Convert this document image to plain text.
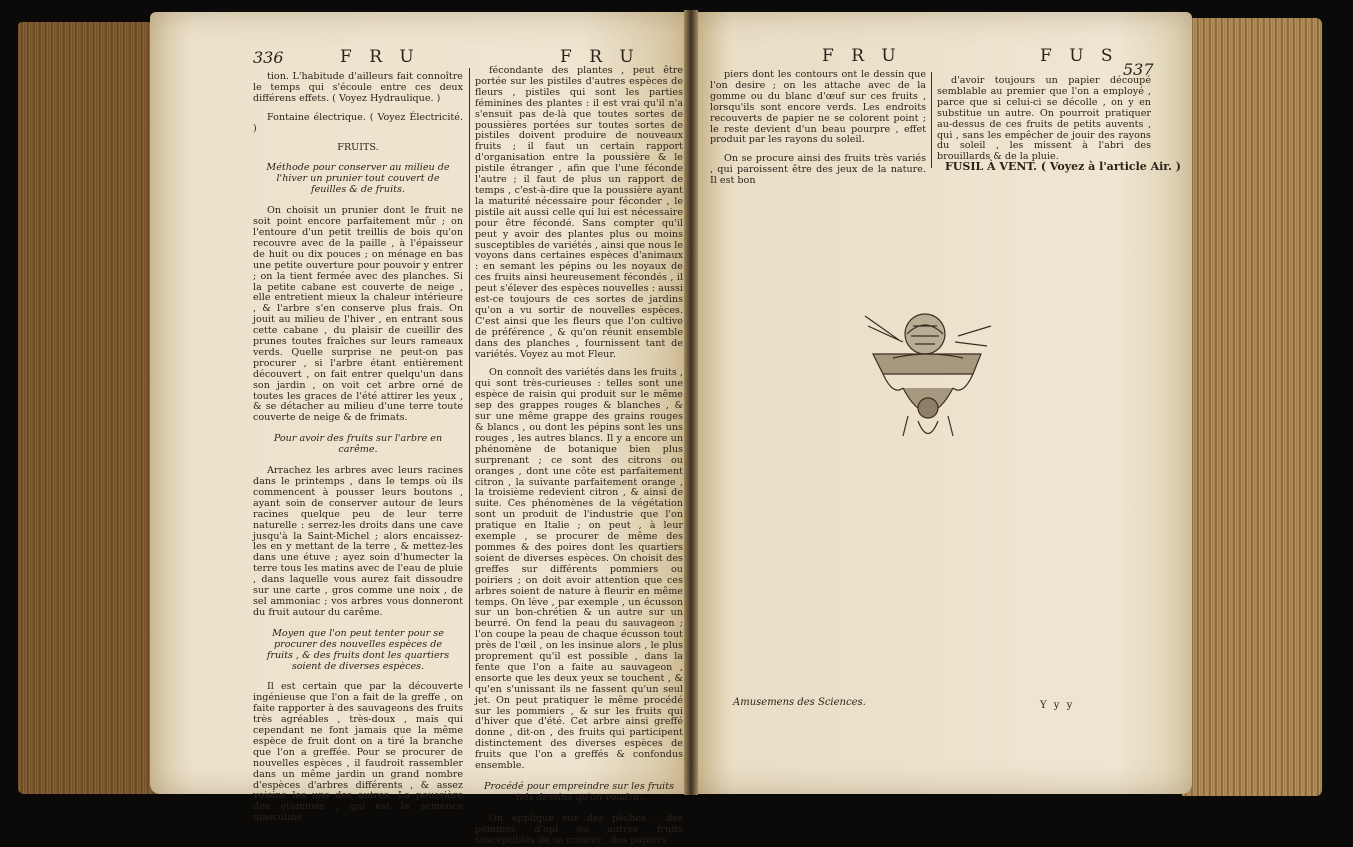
336	F R U	F R U

tion. L'habitude d'ailleurs fait connoître le temps qui s'écoule entre ces deux différens effets. ( Voyez Hydraulique. )

Fontaine électrique. ( Voyez Électricité. )

FRUITS.

Méthode pour conserver au milieu de l'hiver un prunier tout couvert de feuilles & de fruits.

On choisit un prunier dont le fruit ne soit point encore parfaitement mûr ; on l'entoure d'un petit treillis de bois qu'on recouvre avec de la paille , à l'épaisseur de huit ou dix pouces ; on ménage en bas une petite ouverture pour pouvoir y entrer ; on la tient fermée avec des planches. Si la petite cabane est couverte de neige , elle entretient mieux la chaleur intérieure , & l'arbre s'en conserve plus frais. On jouit au milieu de l'hiver , en entrant sous cette cabane , du plaisir de cueillir des prunes toutes fraîches sur leurs rameaux verds. Quelle surprise ne peut-on pas procurer , si l'arbre étant entièrement découvert , on fait entrer quelqu'un dans son jardin , on voit cet arbre orné de toutes les graces de l'été attirer les yeux , & se détacher au milieu d'une terre toute couverte de neige & de frimats.

Pour avoir des fruits sur l'arbre en carême.

Arrachez les arbres avec leurs racines dans le printemps , dans le temps où ils commencent à pousser leurs boutons , ayant soin de conserver autour de leurs racines quelque peu de leur terre naturelle : serrez-les droits dans une cave jusqu'à la Saint-Michel ; alors encaissez-les en y mettant de la terre , & mettez-les dans une étuve ; ayez soin d'humecter la terre tous les matins avec de l'eau de pluie , dans laquelle vous aurez fait dissoudre sur une carte , gros comme une noix , de sel ammoniac ; vos arbres vous donneront du fruit autour du carême.

Moyen que l'on peut tenter pour se procurer des nouvelles espèces de fruits , & des fruits dont les quartiers soient de diverses espèces.

Il est certain que par la découverte ingénieuse que l'on a fait de la greffe , on faite rapporter à des sauvageons des fruits très agréables , très-doux , mais qui cependant ne font jamais que la même espèce de fruit dont on a tiré la branche que l'on a greffée. Pour se procurer de nouvelles espèces , il faudroit rassembler dans un même jardin un grand nombre d'espèces d'arbres différents , & assez voisins les uns des autres. La poussière des étamines , qui est la semence masculine

fécondante des plantes , peut être portée sur les pistiles d'autres espèces de fleurs , pistiles qui sont les parties féminines des plantes : il est vrai qu'il n'a s'ensuit pas de-là que toutes sortes de poussières portées sur toutes sortes de pistiles doivent produire de nouveaux fruits ; il faut un certain rapport d'organisation entre la poussière & le pistile étranger , afin que l'une féconde l'autre ; il faut de plus un rapport de temps , c'est-à-dire que la poussière ayant la maturité nécessaire pour féconder , le pistile ait aussi celle qui lui est nécessaire pour être fécondé. Sans compter qu'il peut y avoir des plantes plus ou moins susceptibles de variétés , ainsi que nous le voyons dans certaines espèces d'animaux : en semant les pépins ou les noyaux de ces fruits ainsi heureusement fécondés , il peut s'élever des espèces nouvelles : aussi est-ce toujours de ces sortes de jardins qu'on a vu sortir de nouvelles espèces. C'est ainsi que les fleurs que l'on cultive de préférence , & qu'on réunit ensemble dans des planches , fournissent tant de variétés. Voyez au mot Fleur.

On connoît des variétés dans les fruits , qui sont très-curieuses : telles sont une espèce de raisin qui produit sur le même sep des grappes rouges & blanches , & sur une même grappe des grains rouges & blancs , ou dont les pépins sont les uns rouges , les autres blancs. Il y a encore un phénomène de botanique bien plus surprenant ; ce sont des citrons ou oranges , dont une côte est parfaitement citron , la suivante parfaitement orange , la troisième redevient citron , & ainsi de suite. Ces phénomènes de la végétation sont un produit de l'industrie que l'on pratique en Italie ; on peut , à leur exemple , se procurer de même des pommes & des poires dont les quartiers soient de diverses espèces. On choisit des greffes sur différents pommiers ou poiriers ; on doit avoir attention que ces arbres soient de nature à fleurir en même temps. On lève , par exemple , un écusson sur un bon-chrétien & un autre sur un beurré. On fend la peau du sauvageon ; l'on coupe la peau de chaque écusson tout près de l'œil , on les insinue alors , le plus proprement qu'il est possible , dans la fente que l'on a faite au sauvageon , ensorte que les deux yeux se touchent , & qu'en s'unissant ils ne fassent qu'un seul jet. On peut pratiquer le même procédé sur les pommiers , & sur les fruits qui d'hiver que d'été. Cet arbre ainsi greffé donne , dit-on , des fruits qui participent distinctement des diverses espèces de fruits que l'on a greffés & confondus ensemble.

Procédé pour empreindre sur les fruits tels dessins qu'on voudra.

On applique sur des pêches , des pommes d'api ou autres fruits susceptibles de se colorer , des papiers

F R U	F U S
537

piers dont les contours ont le dessin que l'on desire ; on les attache avec de la gomme ou du blanc d'œuf sur ces fruits , lorsqu'ils sont encore verds. Les endroits recouverts de papier ne se colorent point ; le reste devient d'un beau pourpre , effet produit par les rayons du soleil.

On se procure ainsi des fruits très variés , qui paroissent être des jeux de la nature. Il est bon

d'avoir toujours un papier découpé semblable au premier que l'on a employé , parce que si celui-ci se décolle , on y en substitue un autre. On pourroit pratiquer au-dessus de ces fruits de petits auvents , qui , sans les empêcher de jouir des rayons du soleil , les missent à l'abri des brouillards & de la pluie.

FUSIL À VENT. ( Voyez à l'article Air. )
Amusemens des Sciences.	Y y y
